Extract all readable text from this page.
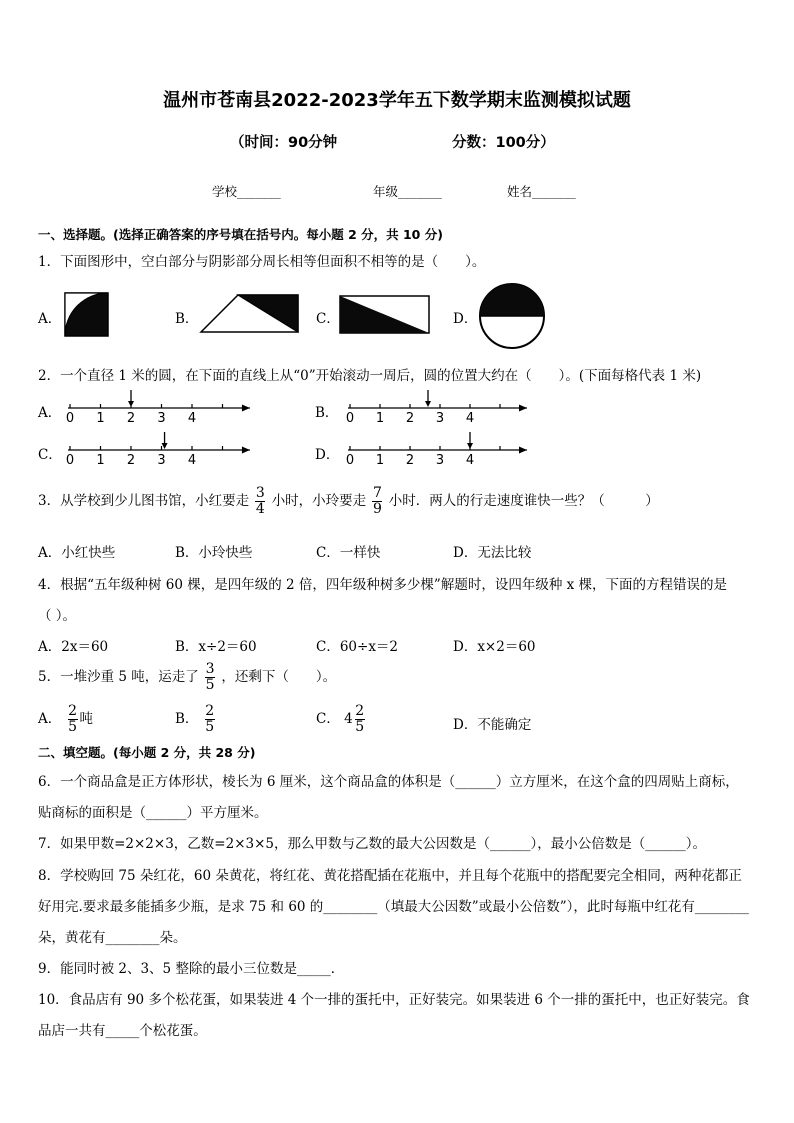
温州市苍南县2022-2023学年五下数学期末监测模拟试题
（时间：90分钟	分数：100分）
学校_______	年级_______	姓名_______
一、选择题。(选择正确答案的序号填在括号内。每小题 2 分，共 10 分)
1．下面图形中，空白部分与阴影部分周长相等但面积不相等的是（　　）。
A．	B．	C．	D．
2．一个直径 1 米的圆，在下面的直线上从“0”开始滚动一周后，圆的位置大约在（　　）。(下面每格代表 1 米)
A．	B．
C．	D．
0 1 2 3 4	0 1 2 3 4
0 1 2 3 4	0 1 2 3 4
3．从学校到少儿图书馆，小红要走 $\frac{3}{4}$ 小时，小玲要走 $\frac{7}{9}$ 小时．两人的行走速度谁快一些？（　　　）
A．小红快些	B．小玲快些	C．一样快	D．无法比较
4．根据“五年级种树 60 棵，是四年级的 2 倍，四年级种树多少棵”解题时，设四年级种 x 棵，下面的方程错误的是
（ ）。
A．2x＝60	B．x÷2＝60	C．60÷x＝2	D．x×2＝60
5．一堆沙重 5 吨，运走了 $\frac{3}{5}$ ，还剩下（　　）。
A． $\frac{2}{5}$ 吨	B． $\frac{2}{5}$	C． $4 \frac{2}{5}$	D．不能确定
二、填空题。(每小题 2 分，共 28 分)
6．一个商品盒是正方体形状，棱长为 6 厘米，这个商品盒的体积是（______）立方厘米，在这个盒的四周贴上商标，
贴商标的面积是（______）平方厘米。
7．如果甲数=2×2×3，乙数=2×3×5，那么甲数与乙数的最大公因数是（______），最小公倍数是（______）。
8．学校购回 75 朵红花，60 朵黄花，将红花、黄花搭配插在花瓶中，并且每个花瓶中的搭配要完全相同，两种花都正
好用完.要求最多能插多少瓶，是求 75 和 60 的________（填最大公因数”或最小公倍数”），此时每瓶中红花有________
朵，黄花有________朵。
9．能同时被 2、3、5 整除的最小三位数是_____．
10．食品店有 90 多个松花蛋，如果装进 4 个一排的蛋托中，正好装完。如果装进 6 个一排的蛋托中，也正好装完。食
品店一共有_____个松花蛋。
